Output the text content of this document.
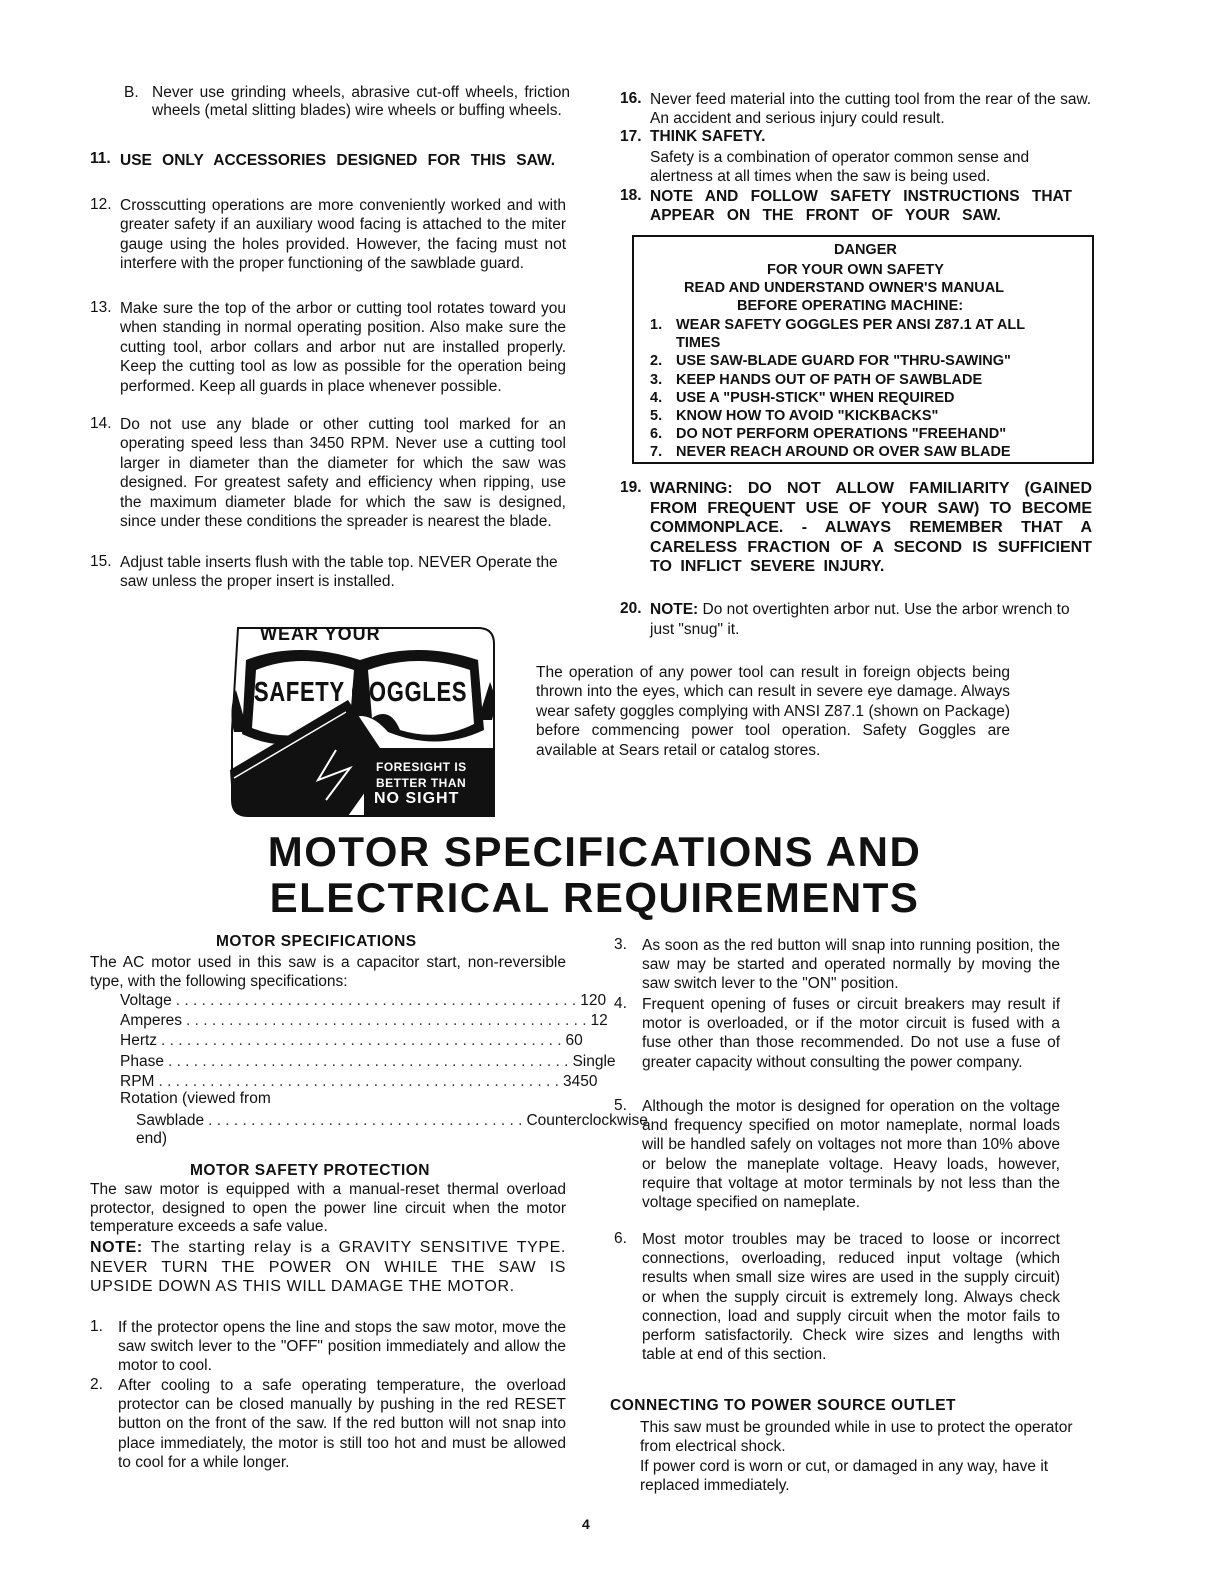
B. Never use grinding wheels, abrasive cut-off wheels, friction wheels (metal slitting blades) wire wheels or buffing wheels.
11. USE ONLY ACCESSORIES DESIGNED FOR THIS SAW.
12. Crosscutting operations are more conveniently worked and with greater safety if an auxiliary wood facing is attached to the miter gauge using the holes provided. However, the facing must not interfere with the proper functioning of the sawblade guard.
13. Make sure the top of the arbor or cutting tool rotates toward you when standing in normal operating position. Also make sure the cutting tool, arbor collars and arbor nut are installed properly. Keep the cutting tool as low as possible for the operation being performed. Keep all guards in place whenever possible.
14. Do not use any blade or other cutting tool marked for an operating speed less than 3450 RPM. Never use a cutting tool larger in diameter than the diameter for which the saw was designed. For greatest safety and efficiency when ripping, use the maximum diameter blade for which the saw is designed, since under these conditions the spreader is nearest the blade.
15. Adjust table inserts flush with the table top. NEVER Operate the saw unless the proper insert is installed.
WEAR YOUR
SAFETY GOGGLES
FORESIGHT IS
BETTER THAN
NO SIGHT
16. Never feed material into the cutting tool from the rear of the saw. An accident and serious injury could result.
17. THINK SAFETY.
Safety is a combination of operator common sense and alertness at all times when the saw is being used.
18. NOTE AND FOLLOW SAFETY INSTRUCTIONS THAT APPEAR ON THE FRONT OF YOUR SAW.
DANGER
FOR YOUR OWN SAFETY
READ AND UNDERSTAND OWNER'S MANUAL
BEFORE OPERATING MACHINE:
1. WEAR SAFETY GOGGLES PER ANSI Z87.1 AT ALL
TIMES
2. USE SAW-BLADE GUARD FOR "THRU-SAWING"
3. KEEP HANDS OUT OF PATH OF SAWBLADE
4. USE A "PUSH-STICK" WHEN REQUIRED
5. KNOW HOW TO AVOID "KICKBACKS"
6. DO NOT PERFORM OPERATIONS "FREEHAND"
7. NEVER REACH AROUND OR OVER SAW BLADE
19. WARNING: DO NOT ALLOW FAMILIARITY (GAINED FROM FREQUENT USE OF YOUR SAW) TO BECOME COMMONPLACE. - ALWAYS REMEMBER THAT A CARELESS FRACTION OF A SECOND IS SUFFICIENT TO INFLICT SEVERE INJURY.
20. NOTE: Do not overtighten arbor nut. Use the arbor wrench to just "snug" it.
The operation of any power tool can result in foreign objects being thrown into the eyes, which can result in severe eye damage. Always wear safety goggles complying with ANSI Z87.1 (shown on Package) before commencing power tool operation. Safety Goggles are available at Sears retail or catalog stores.
MOTOR SPECIFICATIONS AND
ELECTRICAL REQUIREMENTS
MOTOR SPECIFICATIONS
The AC motor used in this saw is a capacitor start, non-reversible type, with the following specifications:
Voltage . . . . . . . . . . . . . . . . . . . . . . . . . . . . . . . . . . . . . . . . . . . . . . . 120
Amperes . . . . . . . . . . . . . . . . . . . . . . . . . . . . . . . . . . . . . . . . . . . . . . . 12
Hertz . . . . . . . . . . . . . . . . . . . . . . . . . . . . . . . . . . . . . . . . . . . . . . . 60
Phase . . . . . . . . . . . . . . . . . . . . . . . . . . . . . . . . . . . . . . . . . . . . . . . Single
RPM . . . . . . . . . . . . . . . . . . . . . . . . . . . . . . . . . . . . . . . . . . . . . . . 3450
Rotation (viewed from
Sawblade end)
. . . . . . . . . . . . . . . . . . . . . . . . . . . . . . . . . . . . . Counterclockwise
MOTOR SAFETY PROTECTION
The saw motor is equipped with a manual-reset thermal overload protector, designed to open the power line circuit when the motor temperature exceeds a safe value.
NOTE: The starting relay is a GRAVITY SENSITIVE TYPE. NEVER TURN THE POWER ON WHILE THE SAW IS UPSIDE DOWN AS THIS WILL DAMAGE THE MOTOR.
1. If the protector opens the line and stops the saw motor, move the saw switch lever to the "OFF" position immediately and allow the motor to cool.
2. After cooling to a safe operating temperature, the overload protector can be closed manually by pushing in the red RESET button on the front of the saw. If the red button will not snap into place immediately, the motor is still too hot and must be allowed to cool for a while longer.
3. As soon as the red button will snap into running position, the saw may be started and operated normally by moving the saw switch lever to the "ON" position.
4. Frequent opening of fuses or circuit breakers may result if motor is overloaded, or if the motor circuit is fused with a fuse other than those recommended. Do not use a fuse of greater capacity without consulting the power company.
5. Although the motor is designed for operation on the voltage and frequency specified on motor nameplate, normal loads will be handled safely on voltages not more than 10% above or below the maneplate voltage. Heavy loads, however, require that voltage at motor terminals by not less than the voltage specified on nameplate.
6. Most motor troubles may be traced to loose or incorrect connections, overloading, reduced input voltage (which results when small size wires are used in the supply circuit) or when the supply circuit is extremely long. Always check connection, load and supply circuit when the motor fails to perform satisfactorily. Check wire sizes and lengths with table at end of this section.
CONNECTING TO POWER SOURCE OUTLET
This saw must be grounded while in use to protect the operator from electrical shock.
If power cord is worn or cut, or damaged in any way, have it replaced immediately.
4
